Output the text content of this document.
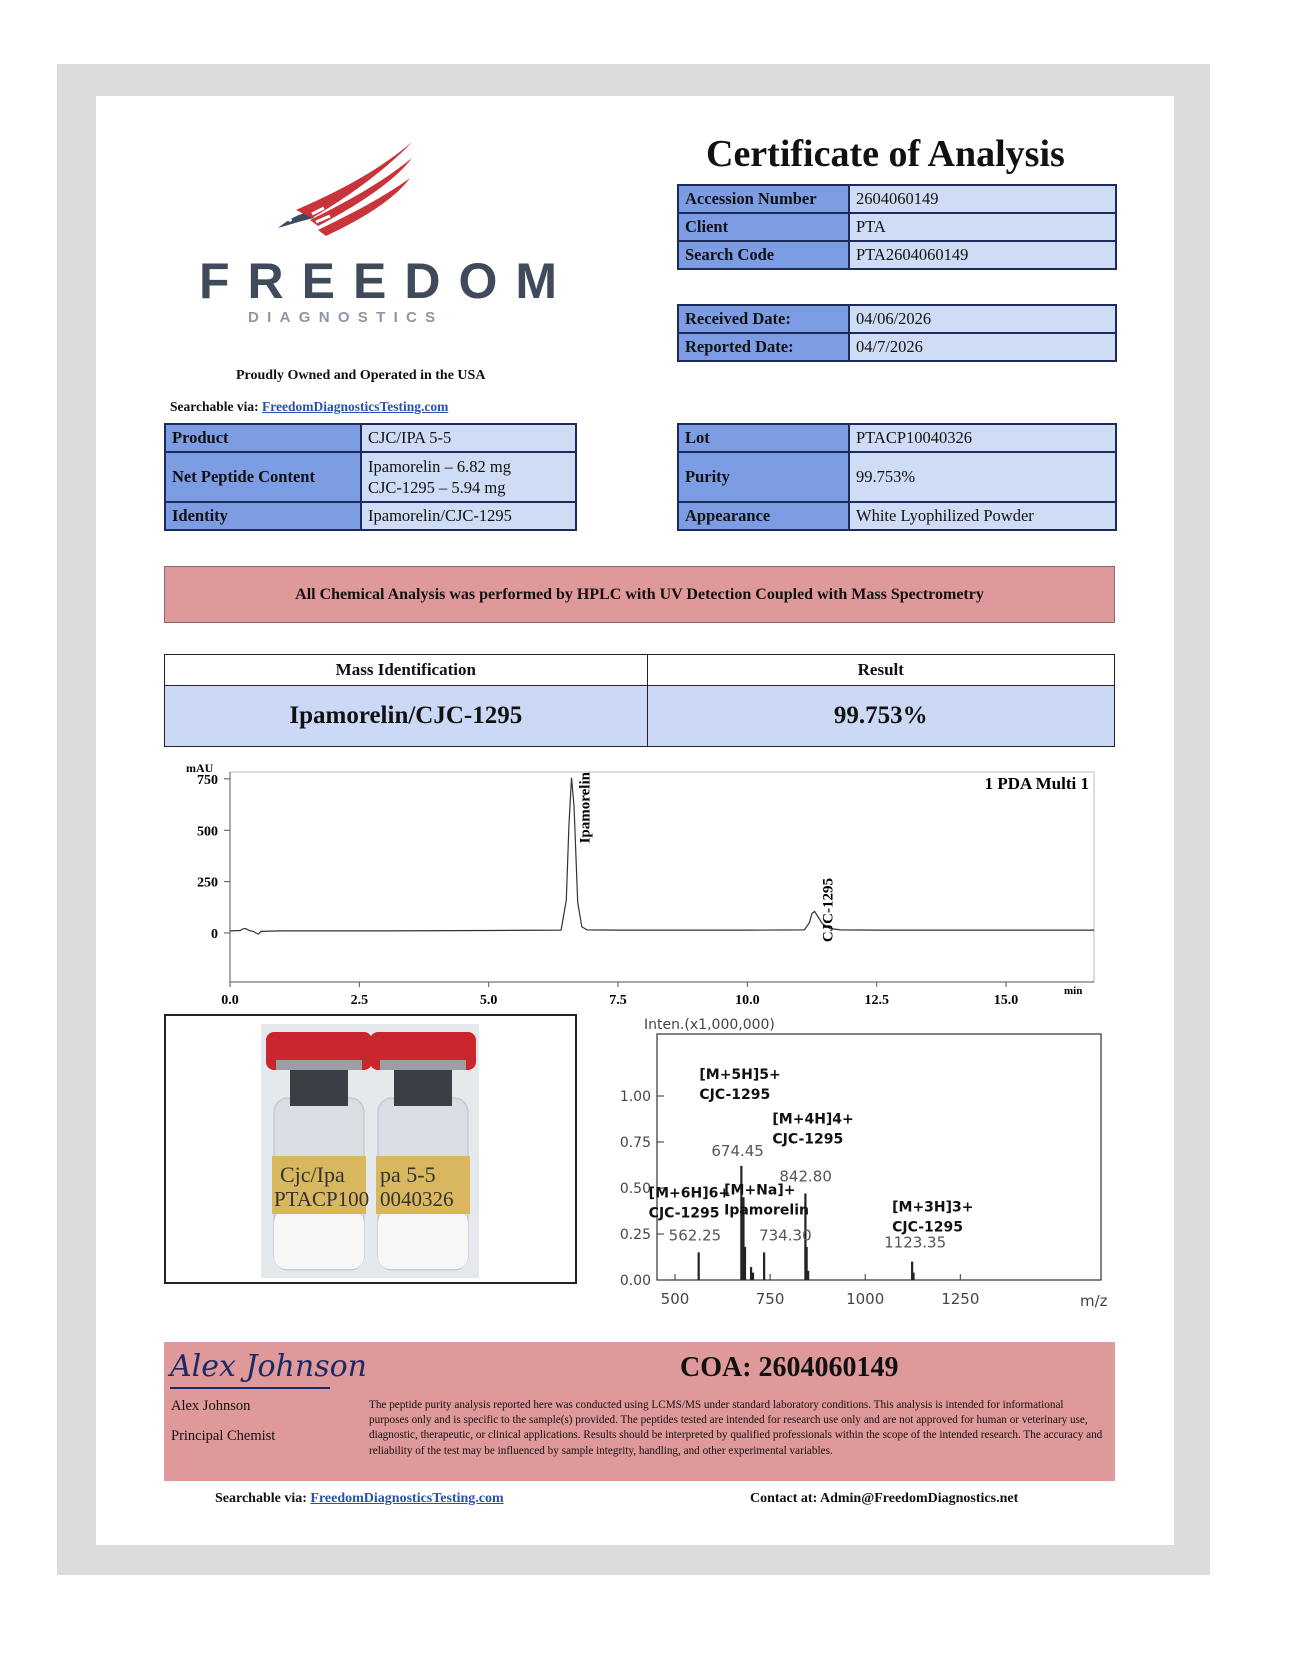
FREEDOM
DIAGNOSTICS
Proudly Owned and Operated in the USA
Searchable via: FreedomDiagnosticsTesting.com
Certificate of Analysis
Accession Number	2604060149
Client	PTA
Search Code	PTA2604060149
Received Date:	04/06/2026
Reported Date:	04/7/2026
Product	CJC/IPA 5-5
Net Peptide Content	Ipamorelin – 6.82 mg
CJC-1295 – 5.94 mg

Identity	Ipamorelin/CJC-1295
Lot	PTACP10040326
Purity	99.753%
Appearance	White Lyophilized Powder
All Chemical Analysis was performed by HPLC with UV Detection Coupled with Mass Spectrometry
Mass Identification	Result
Ipamorelin/CJC-1295	99.753%
mAU
min
1 PDA Multi 1
0
250
500
750
0.0	2.5	5.0	7.5	10.0	12.5	15.0
Ipamorelin
CJC-1295
Cjc/Ipa
PTACP100
pa 5-5
0040326
Inten.(x1,000,000)
m/z
0.00
0.25
0.50
0.75
1.00
500	750	1000	1250
[M+6H]6+
CJC-1295
562.25
[M+5H]5+
CJC-1295
674.45
[M+Na]+
Ipamorelin
734.30
[M+4H]4+
CJC-1295
842.80
[M+3H]3+
CJC-1295
1123.35
Alex Johnson
Alex Johnson
Principal Chemist
COA: 2604060149
The peptide purity analysis reported here was conducted using LCMS/MS under standard laboratory conditions. This analysis is intended for informational purposes only and is specific to the sample(s) provided. The peptides tested are intended for research use only and are not approved for human or veterinary use, diagnostic, therapeutic, or clinical applications. Results should be interpreted by qualified professionals within the scope of the intended research. The accuracy and reliability of the test may be influenced by sample integrity, handling, and other experimental variables.
Searchable via: FreedomDiagnosticsTesting.com	Contact at: Admin@FreedomDiagnostics.net
